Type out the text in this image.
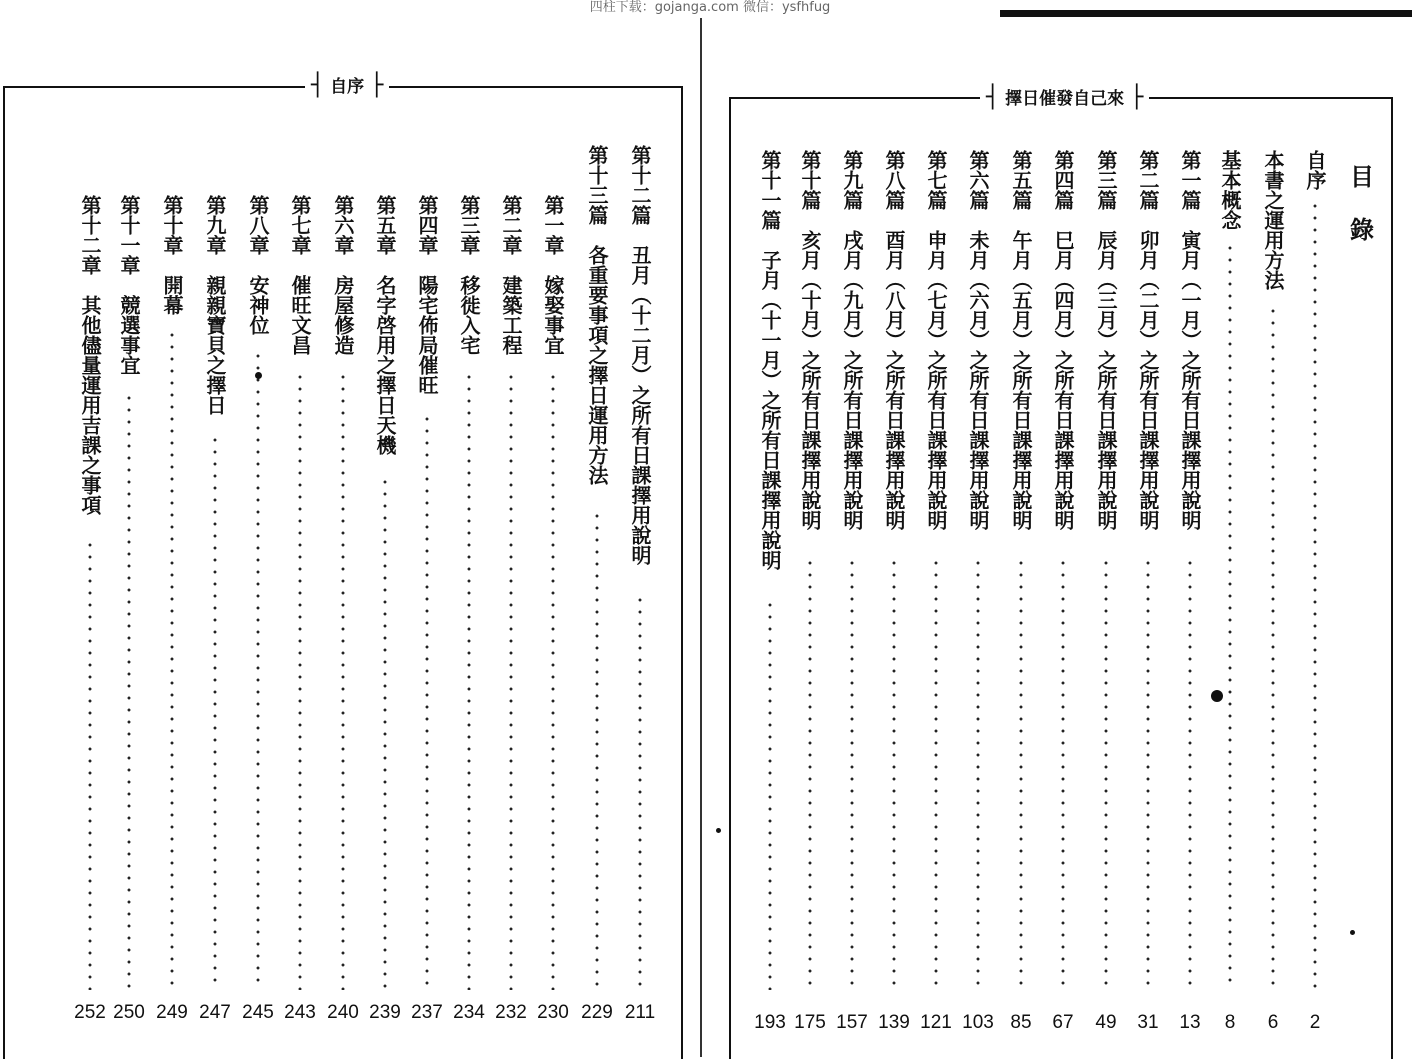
四柱下载：gojanga.com 微信：ysfhfug
┤ 自序 ├	┤ 擇日催發自己來 ├
目
錄
第十二篇　丑月（十二月）之所有日課擇用說明
211
第十三篇　各重要事項之擇日運用方法
229
第一章　嫁娶事宜
230
第二章　建築工程
232
第三章　移徙入宅
234
第四章　陽宅佈局催旺
237
第五章　名字啓用之擇日天機
239
第六章　房屋修造
240
第七章　催旺文昌
243
第八章　安神位
245
第九章　親親寶貝之擇日
247
第十章　開幕
249
第十一章　競選事宜
250
第十二章　其他儘量運用吉課之事項
252
自序
2
本書之運用方法
6
基本概念
8
第一篇　寅月（一月）之所有日課擇用說明
13
第二篇　卯月（二月）之所有日課擇用說明
31
第三篇　辰月（三月）之所有日課擇用說明
49
第四篇　巳月（四月）之所有日課擇用說明
67
第五篇　午月（五月）之所有日課擇用說明
85
第六篇　未月（六月）之所有日課擇用說明
103
第七篇　申月（七月）之所有日課擇用說明
121
第八篇　酉月（八月）之所有日課擇用說明
139
第九篇　戌月（九月）之所有日課擇用說明
157
第十篇　亥月（十月）之所有日課擇用說明
175
第十一篇　子月（十一月）之所有日課擇用說明
193
